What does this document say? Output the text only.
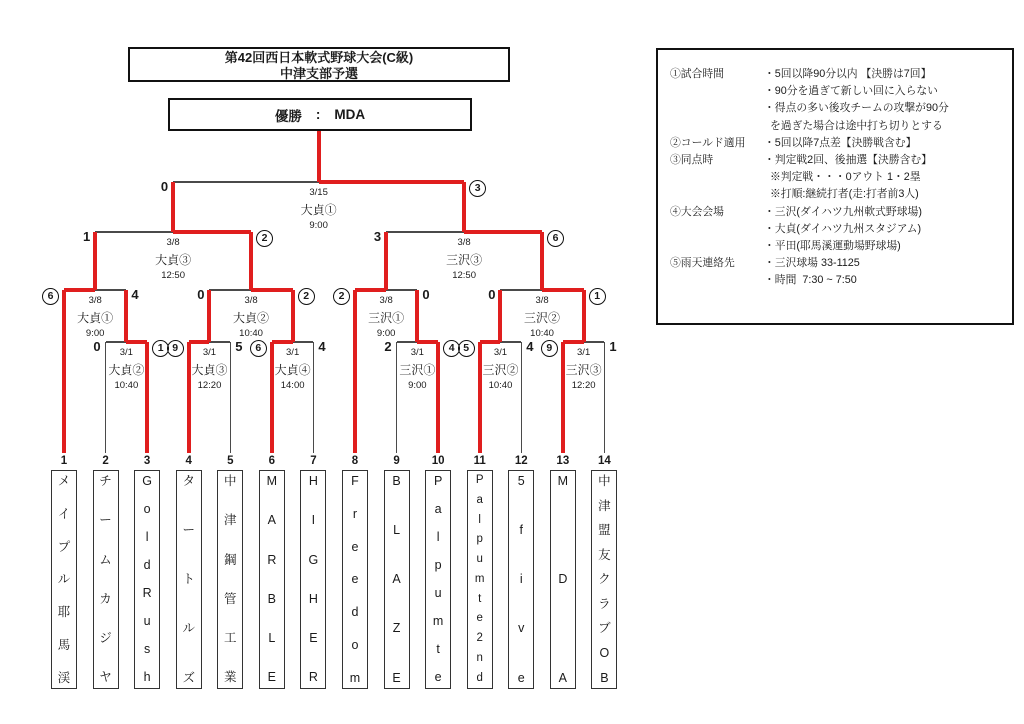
第42回西日本軟式野球大会(C級)
中津支部予選
優勝 : MDA
①試合時間	・5回以降90分以内 【決勝は7回】
・90分を過ぎて新しい回に入らない
・得点の多い後攻チームの攻撃が90分
を過ぎた場合は途中打ち切りとする
②コールド適用	・5回以降7点差【決勝戦含む】
③同点時	・判定戦2回、後抽選【決勝含む】
※判定戦・・・0アウト 1・2塁
※打順:継続打者(走:打者前3人)
④大会会場	・三沢(ダイハツ九州軟式野球場)
・大貞(ダイハツ九州スタジアム)
・平田(耶馬溪運動場野球場)
⑤雨天連絡先	・三沢球場 33-1125
・時間  7:30 ~ 7:50
0	1
3/1
大貞②
10:40
9	5
3/1
大貞③
12:20
6	4
3/1
大貞④
14:00
2	4
3/1
三沢①
9:00
5	4
3/1
三沢②
10:40
9	1
3/1
三沢③
12:20
6	4
3/8
大貞①
9:00
0	2
3/8
大貞②
10:40
2	0
3/8
三沢①
9:00
0	1
3/8
三沢②
10:40
1	2
3/8
大貞③
12:50
3	6
3/8
三沢③
12:50
0	3
3/15
大貞①
9:00
1
メ
イ
プ
ル
耶
馬
渓
2
チ
ー
ム
カ
ジ
ヤ
3
G
o
l
d
R
u
s
h
4
タ
ー
ト
ル
ズ
5
中
津
鋼
管
工
業
6
M
A
R
B
L
E
7
H
I
G
H
E
R
8
F
r
e
e
d
o
m
9
B
L
A
Z
E
10
P
a
l
p
u
m
t
e
11
P
a
l
p
u
m
t
e
2
n
d
12
5
f
i
v
e
13
M
D
A
14
中
津
盟
友
ク
ラ
ブ
O
B
